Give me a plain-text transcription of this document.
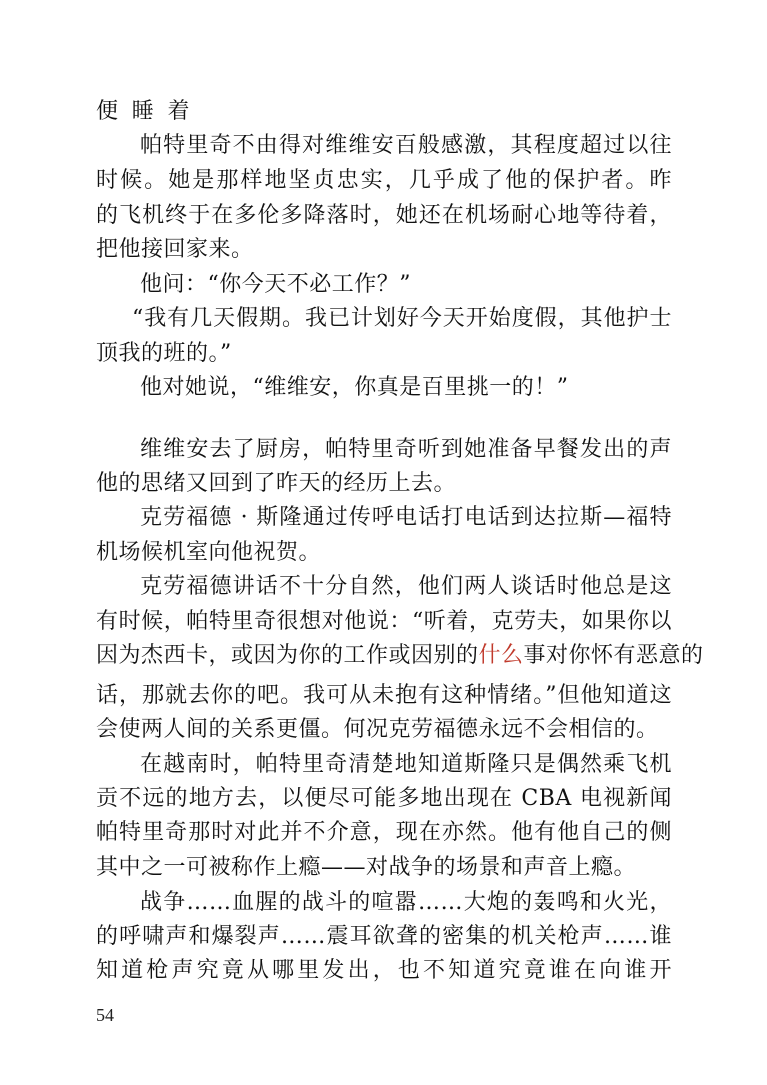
便睡着
帕特里奇不由得对维维安百般感激，其程度超过以往
时候。她是那样地坚贞忠实，几乎成了他的保护者。昨
的飞机终于在多伦多降落时，她还在机场耐心地等待着，
把他接回家来。
他问：“你今天不必工作？”
“我有几天假期。我已计划好今天开始度假，其他护士
顶我的班的。”
他对她说，“维维安，你真是百里挑一的！”
维维安去了厨房，帕特里奇听到她准备早餐发出的声
他的思绪又回到了昨天的经历上去。
克劳福德 · 斯隆通过传呼电话打电话到达拉斯—福特
机场候机室向他祝贺。
克劳福德讲话不十分自然，他们两人谈话时他总是这
有时候，帕特里奇很想对他说：“听着，克劳夫，如果你以
因为杰西卡，或因为你的工作或因别的什么事对你怀有恶意的
话，那就去你的吧。我可从未抱有这种情绪。”但他知道这
会使两人间的关系更僵。何况克劳福德永远不会相信的。
在越南时，帕特里奇清楚地知道斯隆只是偶然乘飞机
贡不远的地方去，以便尽可能多地出现在 CBA 电视新闻
帕特里奇那时对此并不介意，现在亦然。他有他自己的侧
其中之一可被称作上瘾——对战争的场景和声音上瘾。
战争……血腥的战斗的喧嚣……大炮的轰鸣和火光，
的呼啸声和爆裂声……震耳欲聋的密集的机关枪声……谁
知道枪声究竟从哪里发出，也不知道究竟谁在向谁开
54
